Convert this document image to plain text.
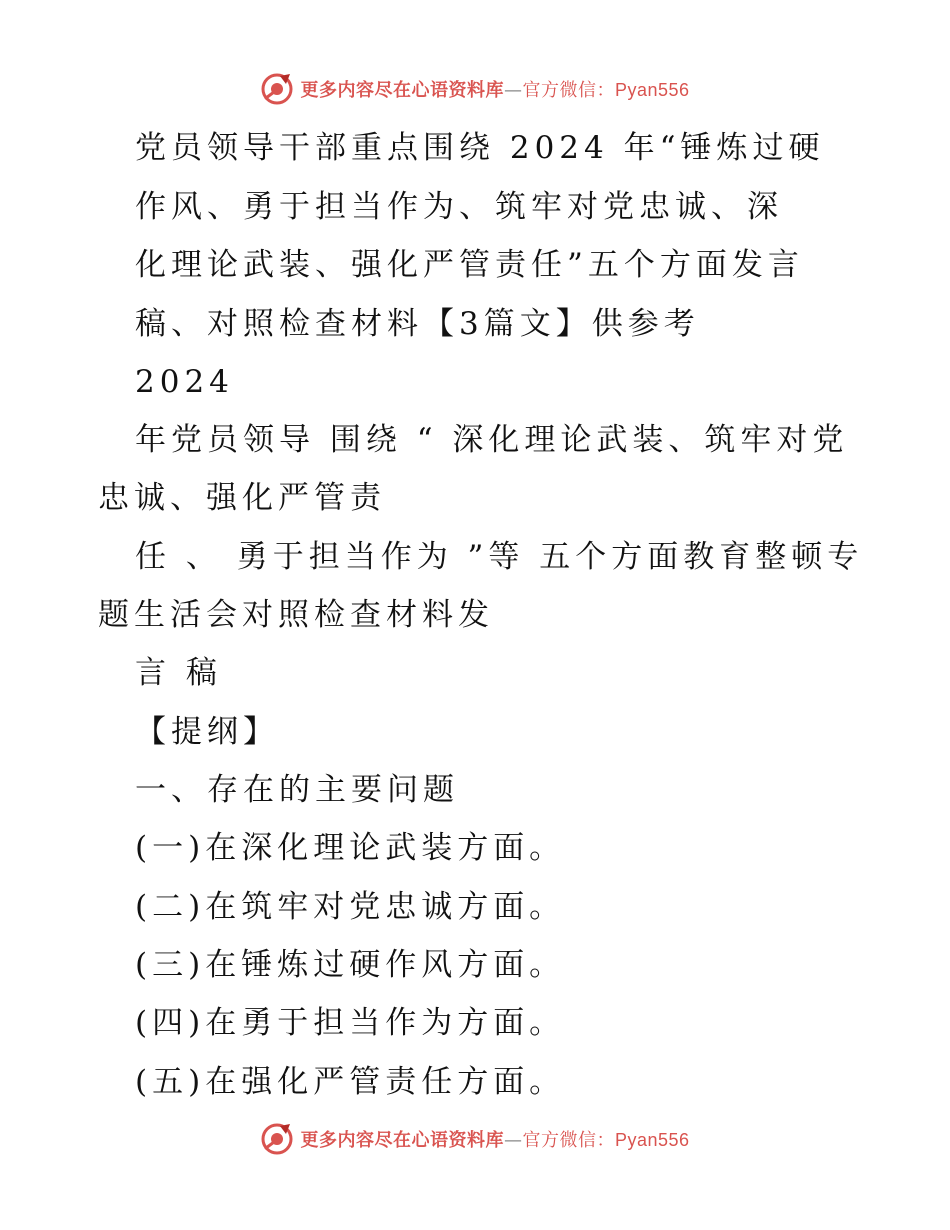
更多内容尽在心语资料库—官方微信：Pyan556
党员领导干部重点围绕 2024 年“锤炼过硬
作风、勇于担当作为、筑牢对党忠诚、深
化理论武装、强化严管责任”五个方面发言
稿、对照检查材料【3篇文】供参考
2024
年党员领导 围绕 “ 深化理论武装、筑牢对党
忠诚、强化严管责
任 、 勇于担当作为 ”等 五个方面教育整顿专
题生活会对照检查材料发
言 稿
【提纲】
一、存在的主要问题
(一)在深化理论武装方面。
(二)在筑牢对党忠诚方面。
(三)在锤炼过硬作风方面。
(四)在勇于担当作为方面。
(五)在强化严管责任方面。
更多内容尽在心语资料库—官方微信：Pyan556
